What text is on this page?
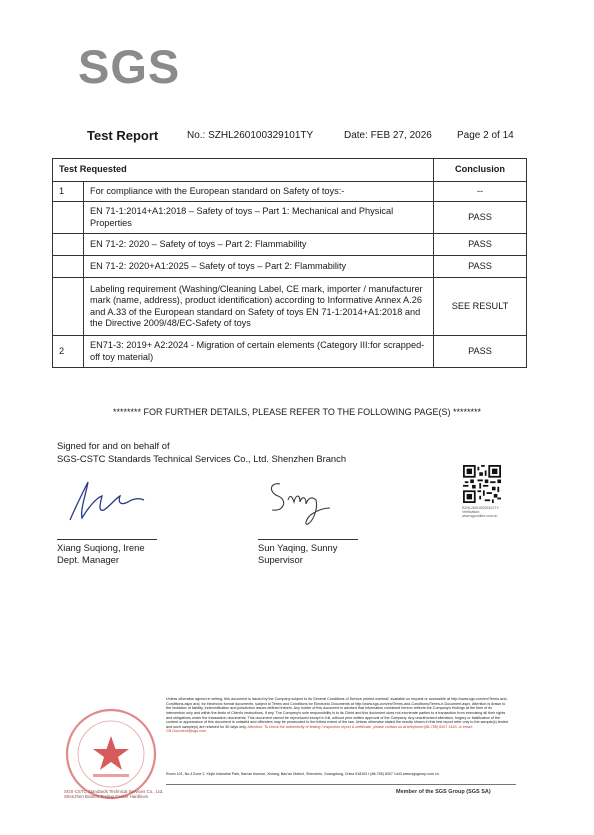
SGS
Test Report	No.: SZHL260100329101TY	Date: FEB 27, 2026	Page 2 of 14
Test Requested		Conclusion
1	For compliance with the European standard on Safety of toys:-	--
	EN 71-1:2014+A1:2018 – Safety of toys – Part 1: Mechanical and Physical Properties	PASS
	EN 71-2: 2020 – Safety of toys – Part 2: Flammability	PASS
	EN 71-2: 2020+A1:2025 – Safety of toys – Part 2: Flammability	PASS
	Labeling requirement (Washing/Cleaning Label, CE mark, importer / manufacturer mark (name, address), product identification) according to Informative Annex A.26 and A.33 of the European standard on Safety of toys EN 71-1:2014+A1:2018 and the Directive 2009/48/EC-Safety of toys	SEE RESULT
2	EN71-3: 2019+ A2:2024 - Migration of certain elements (Category III:for scrapped-off toy material)	PASS
******** FOR FURTHER DETAILS, PLEASE REFER TO THE FOLLOWING PAGE(S) ********
Signed for and on behalf of
SGS-CSTC Standards Technical Services Co., Ltd. Shenzhen Branch
Xiang Suqiong, Irene
Dept. Manager
Sun Yaqing, Sunny
Supervisor
SZHL260100329101TY Verification: www.sgsonline.com.cn
SGS-CSTC Standards Technical Services Co., Ltd. Shenzhen Branch Testing Center Hardlines
Unless otherwise agreed in writing, this document is issued by the Company subject to its General Conditions of Service printed overleaf, available on request or accessible at http://www.sgs.com/en/Terms-and-Conditions.aspx and, for electronic format documents, subject to Terms and Conditions for Electronic Documents at http://www.sgs.com/en/Terms-and-Conditions/Terms-e-Document.aspx. Attention is drawn to the limitation of liability, indemnification and jurisdiction issues defined therein. Any holder of this document is advised that information contained hereon reflects the Company's findings at the time of its intervention only and within the limits of Client's instructions, if any. The Company's sole responsibility is to its Client and this document does not exonerate parties to a transaction from exercising all their rights and obligations under the transaction documents. This document cannot be reproduced except in full, without prior written approval of the Company. Any unauthorized alteration, forgery or falsification of the content or appearance of this document is unlawful and offenders may be prosecuted to the fullest extent of the law. Unless otherwise stated the results shown in this test report refer only to the sample(s) tested and such sample(s) are retained for 30 days only. Attention: To check the authenticity of testing / inspection report & certificate, please contact us at telephone:(86-755) 8307 1443, or email: CN.Doccheck@sgs.com
Room 101, No.4 Zone 2, Xinjie Industrial Park, Bao'an Avenue, Xixiang, Bao'an District, Shenzhen, Guangdong, China 518102 t (86-755) 8307 1443 www.sgsgroup.com.cn
Member of the SGS Group (SGS SA)
